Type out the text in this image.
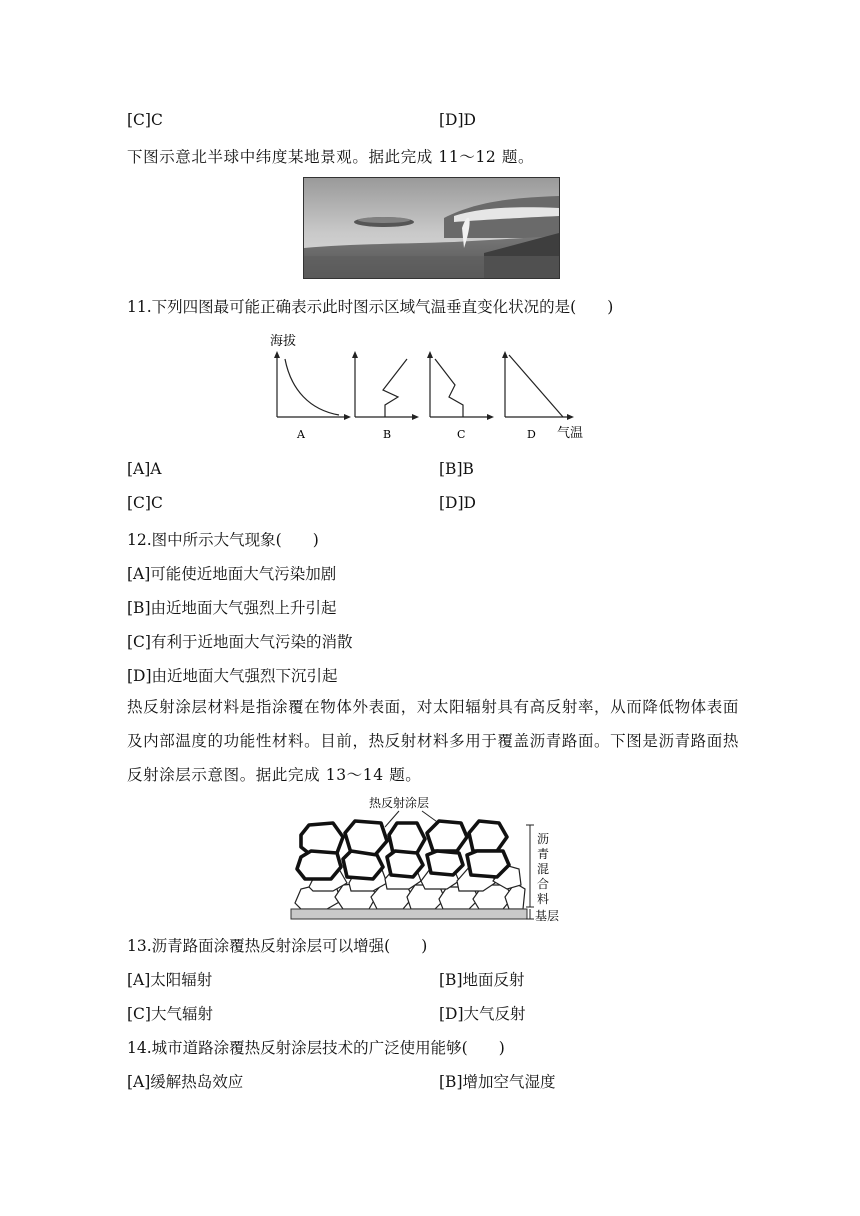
[C]C	[D]D
下图示意北半球中纬度某地景观。据此完成 11～12 题。
11.下列四图最可能正确表示此时图示区域气温垂直变化状况的是(　　)
海拔
A	B	C	D 气温
[A]A	[B]B
[C]C	[D]D
12.图中所示大气现象(　　)
[A]可能使近地面大气污染加剧
[B]由近地面大气强烈上升引起
[C]有利于近地面大气污染的消散
[D]由近地面大气强烈下沉引起
热反射涂层材料是指涂覆在物体外表面，对太阳辐射具有高反射率，从而降低物体表面及内部温度的功能性材料。目前，热反射材料多用于覆盖沥青路面。下图是沥青路面热反射涂层示意图。据此完成 13～14 题。
热反射涂层
沥
青
混
合
料
基层
13.沥青路面涂覆热反射涂层可以增强(　　)
[A]太阳辐射	[B]地面反射
[C]大气辐射	[D]大气反射
14.城市道路涂覆热反射涂层技术的广泛使用能够(　　)
[A]缓解热岛效应	[B]增加空气湿度
